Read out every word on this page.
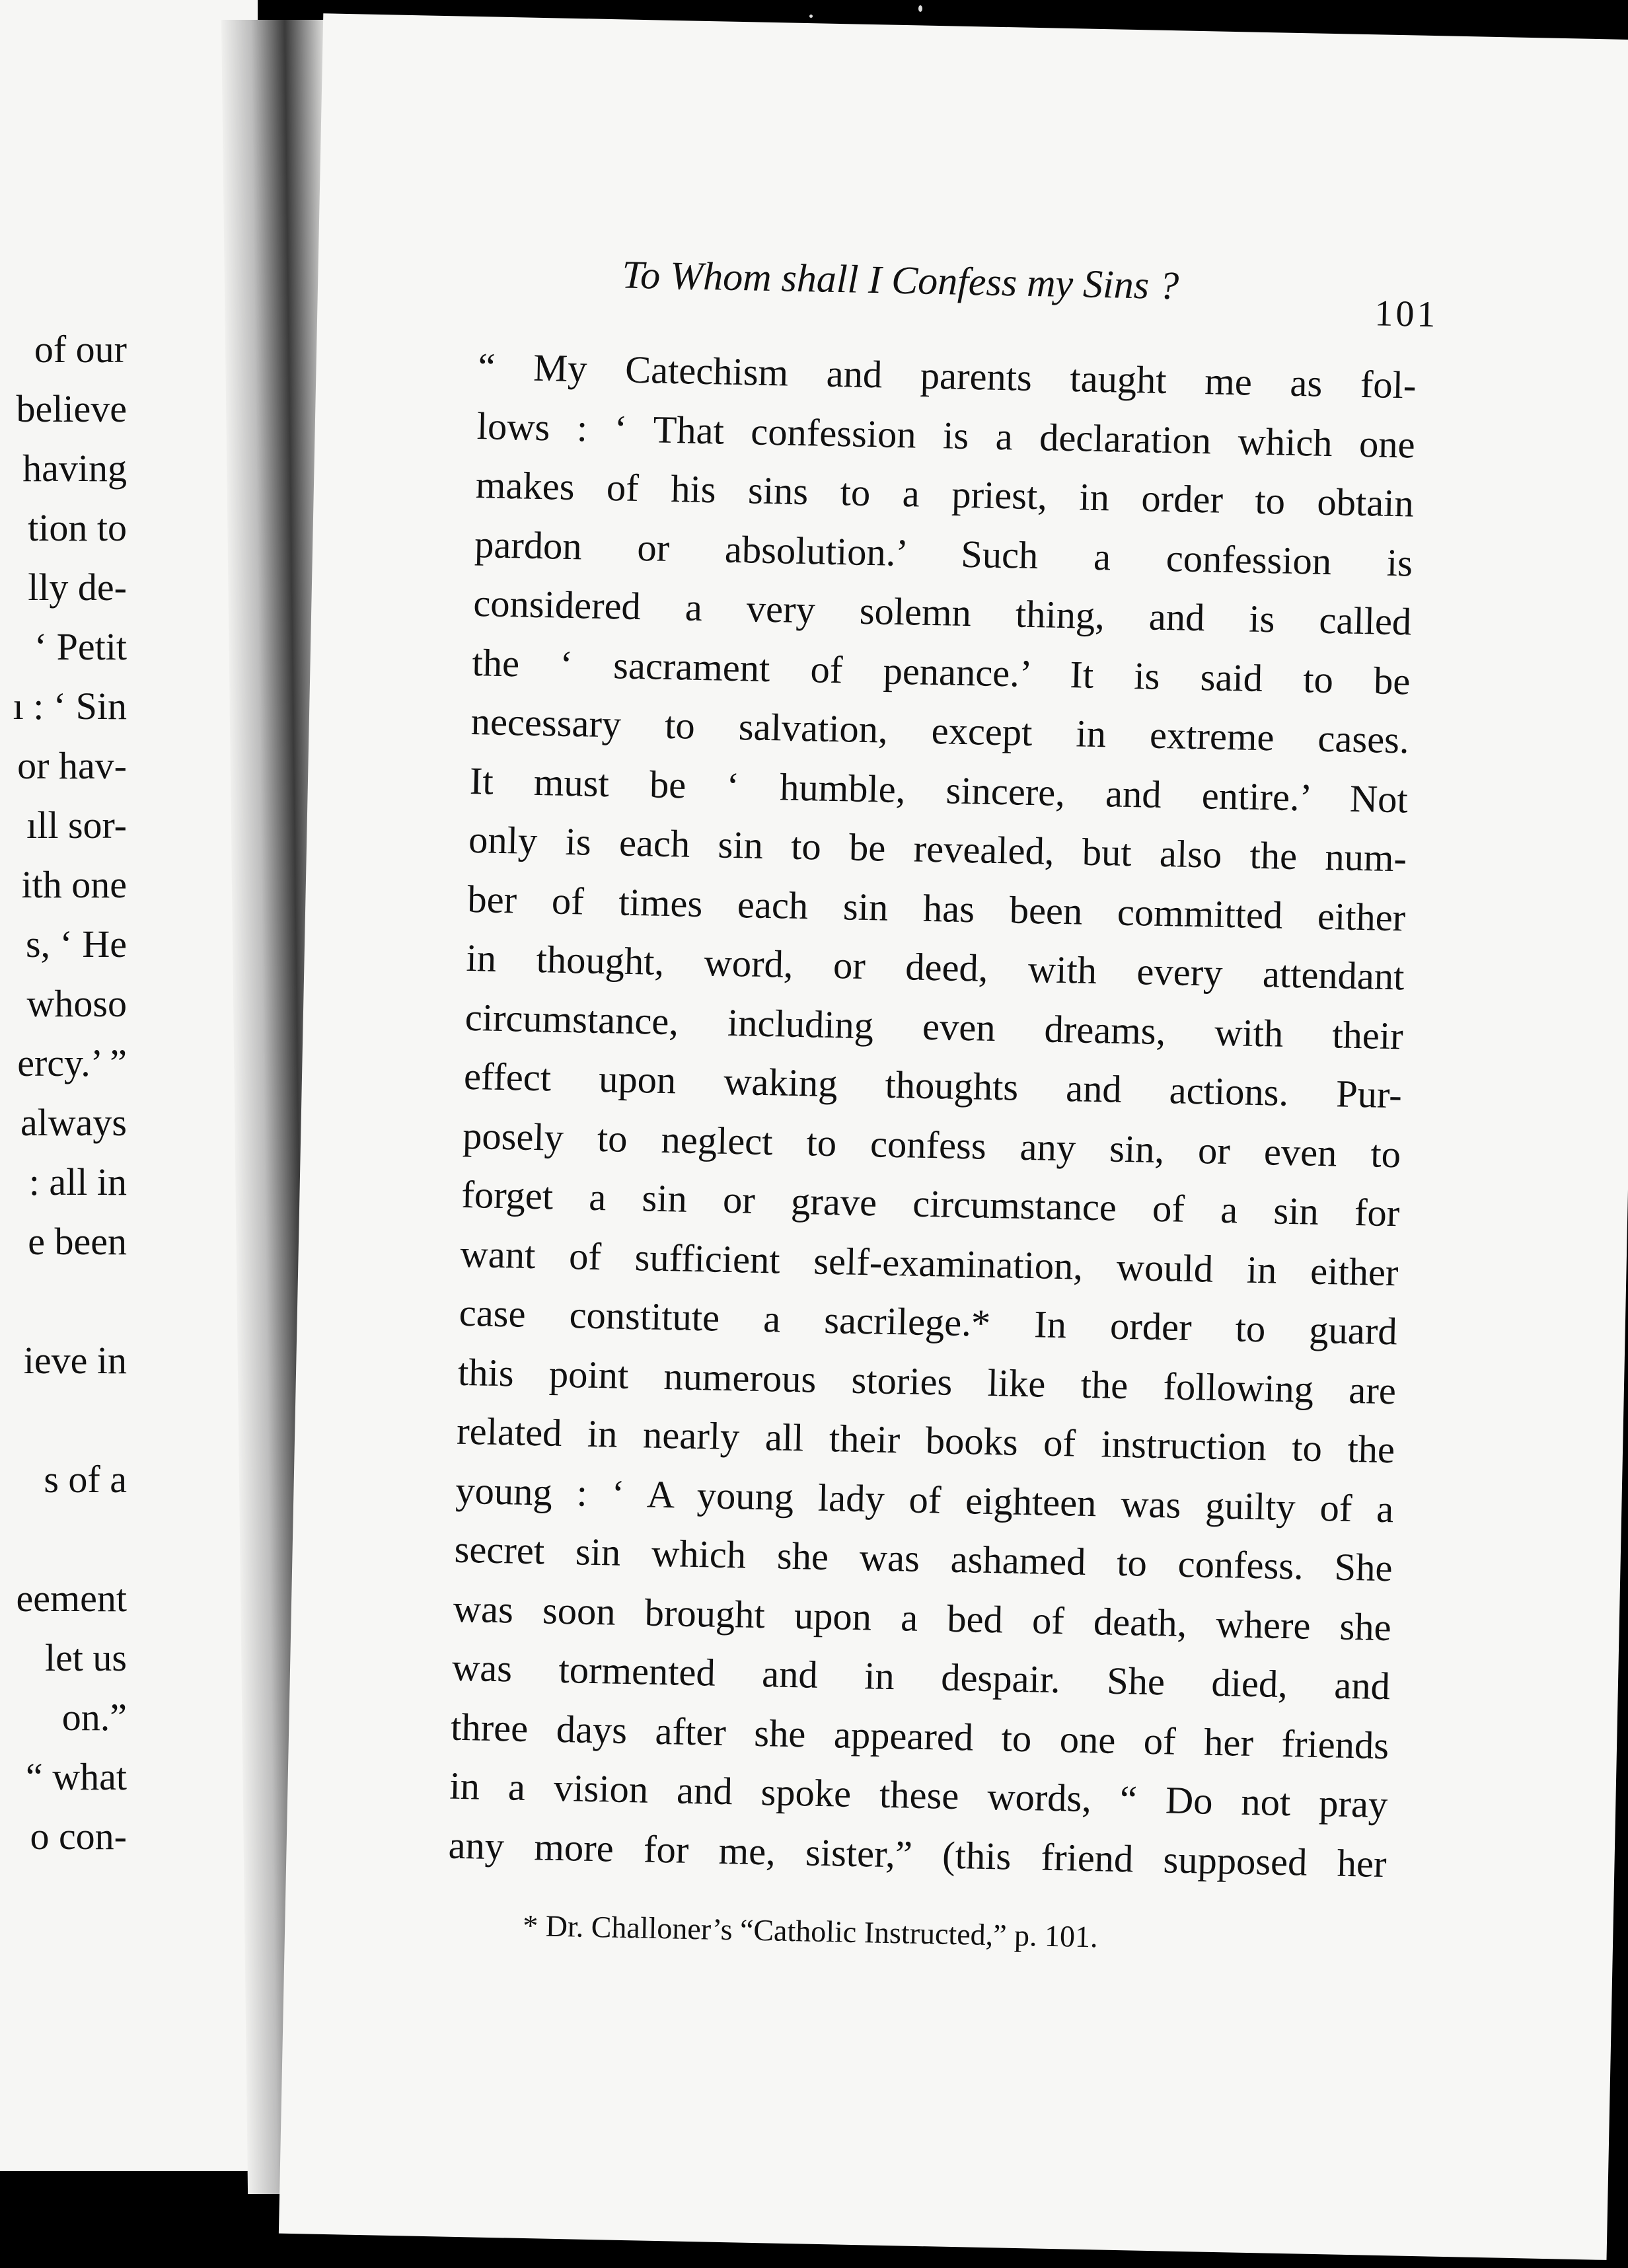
of our
believe
having
tion to
lly de-
‘ Petit
ı : ‘ Sin
or hav-
ıll sor-
ith one
s, ‘ He
whoso
ercy.’ ”
always
: all in
e been
ieve in
s of a
eement
let us
on.”
“ what
o con-
To Whom shall I Confess my Sins ?
101
“ My Catechism and parents taught me as fol-
lows : ‘ That confession is a declaration which one
makes of his sins to a priest, in order to obtain
pardon or absolution.’ Such a confession is
considered a very solemn thing, and is called
the ‘ sacrament of penance.’ It is said to be
necessary to salvation, except in extreme cases.
It must be ‘ humble, sincere, and entire.’ Not
only is each sin to be revealed, but also the num-
ber of times each sin has been committed either
in thought, word, or deed, with every attendant
circumstance, including even dreams, with their
effect upon waking thoughts and actions. Pur-
posely to neglect to confess any sin, or even to
forget a sin or grave circumstance of a sin for
want of sufficient self-examination, would in either
case constitute a sacrilege.* In order to guard
this point numerous stories like the following are
related in nearly all their books of instruction to the
young : ‘ A young lady of eighteen was guilty of a
secret sin which she was ashamed to confess. She
was soon brought upon a bed of death, where she
was tormented and in despair. She died, and
three days after she appeared to one of her friends
in a vision and spoke these words, “ Do not pray
any more for me, sister,” (this friend supposed her
* Dr. Challoner’s “Catholic Instructed,” p. 101.
